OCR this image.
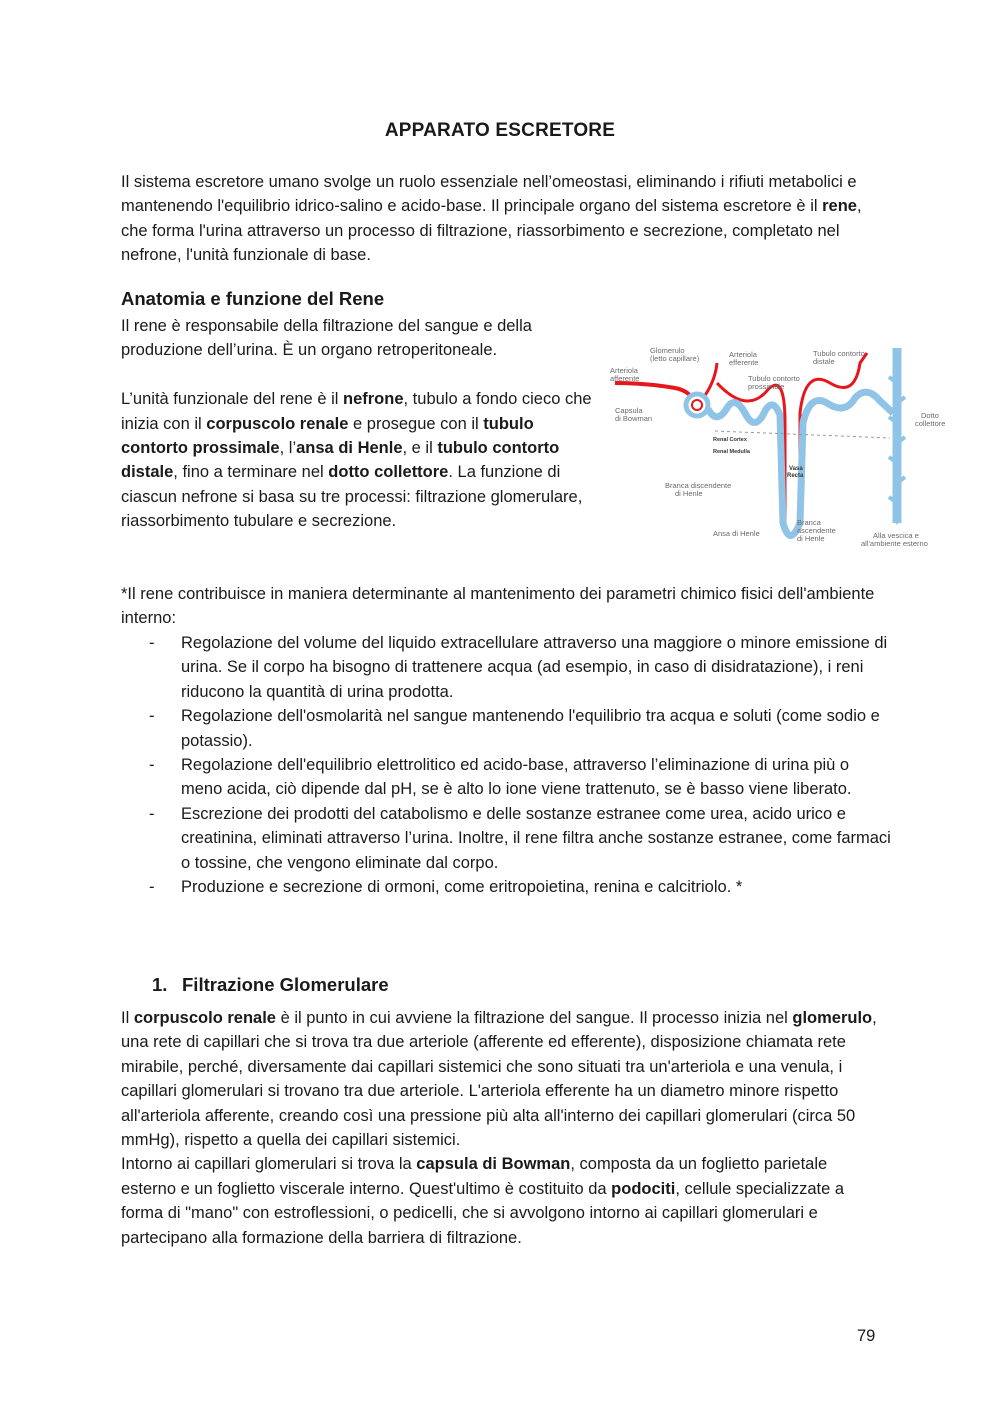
APPARATO ESCRETORE

Il sistema escretore umano svolge un ruolo essenziale nell’omeostasi, eliminando i rifiuti metabolici e mantenendo l'equilibrio idrico-salino e acido-base. Il principale organo del sistema escretore è il rene, che forma l'urina attraverso un processo di filtrazione, riassorbimento e secrezione, completato nel nefrone, l'unità funzionale di base.

Anatomia e funzione del Rene

Il rene è responsabile della filtrazione del sangue e della produzione dell’urina. È un organo retroperitoneale.

L’unità funzionale del rene è il nefrone, tubulo a fondo cieco che inizia con il corpuscolo renale e prosegue con il tubulo contorto prossimale, l’ansa di Henle, e il tubulo contorto distale, fino a terminare nel dotto collettore. La funzione di ciascun nefrone si basa su tre processi: filtrazione glomerulare, riassorbimento tubulare e secrezione.

Glomerulo
(letto capillare)
Arteriola
afferente
Arteriola
efferente
Tubulo contorto
distale
Tubulo contorto
prossimale
Capsula
di Bowman	Dotto
collettore
Renal Cortex
Renal Medulla
Vasa
Recta
Branca discendente
di Henle
Branca
ascendente
di Henle
Ansa di Henle	Alla vescica e
all'ambiente esterno

*Il rene contribuisce in maniera determinante al mantenimento dei parametri chimico fisici dell'ambiente interno:

- Regolazione del volume del liquido extracellulare attraverso una maggiore o minore emissione di urina. Se il corpo ha bisogno di trattenere acqua (ad esempio, in caso di disidratazione), i reni riducono la quantità di urina prodotta.
- Regolazione dell'osmolarità nel sangue mantenendo l'equilibrio tra acqua e soluti (come sodio e potassio).
- Regolazione dell'equilibrio elettrolitico ed acido-base, attraverso l’eliminazione di urina più o meno acida, ciò dipende dal pH, se è alto lo ione viene trattenuto, se è basso viene liberato.
- Escrezione dei prodotti del catabolismo e delle sostanze estranee come urea, acido urico e creatinina, eliminati attraverso l’urina. Inoltre, il rene filtra anche sostanze estranee, come farmaci o tossine, che vengono eliminate dal corpo.
- Produzione e secrezione di ormoni, come eritropoietina, renina e calcitriolo. *
1. Filtrazione Glomerulare

Il corpuscolo renale è il punto in cui avviene la filtrazione del sangue. Il processo inizia nel glomerulo, una rete di capillari che si trova tra due arteriole (afferente ed efferente), disposizione chiamata rete mirabile, perché, diversamente dai capillari sistemici che sono situati tra un'arteriola e una venula, i capillari glomerulari si trovano tra due arteriole. L'arteriola efferente ha un diametro minore rispetto all'arteriola afferente, creando così una pressione più alta all'interno dei capillari glomerulari (circa 50 mmHg), rispetto a quella dei capillari sistemici.

Intorno ai capillari glomerulari si trova la capsula di Bowman, composta da un foglietto parietale esterno e un foglietto viscerale interno. Quest'ultimo è costituito da podociti, cellule specializzate a forma di "mano" con estroflessioni, o pedicelli, che si avvolgono intorno ai capillari glomerulari e partecipano alla formazione della barriera di filtrazione.

79
